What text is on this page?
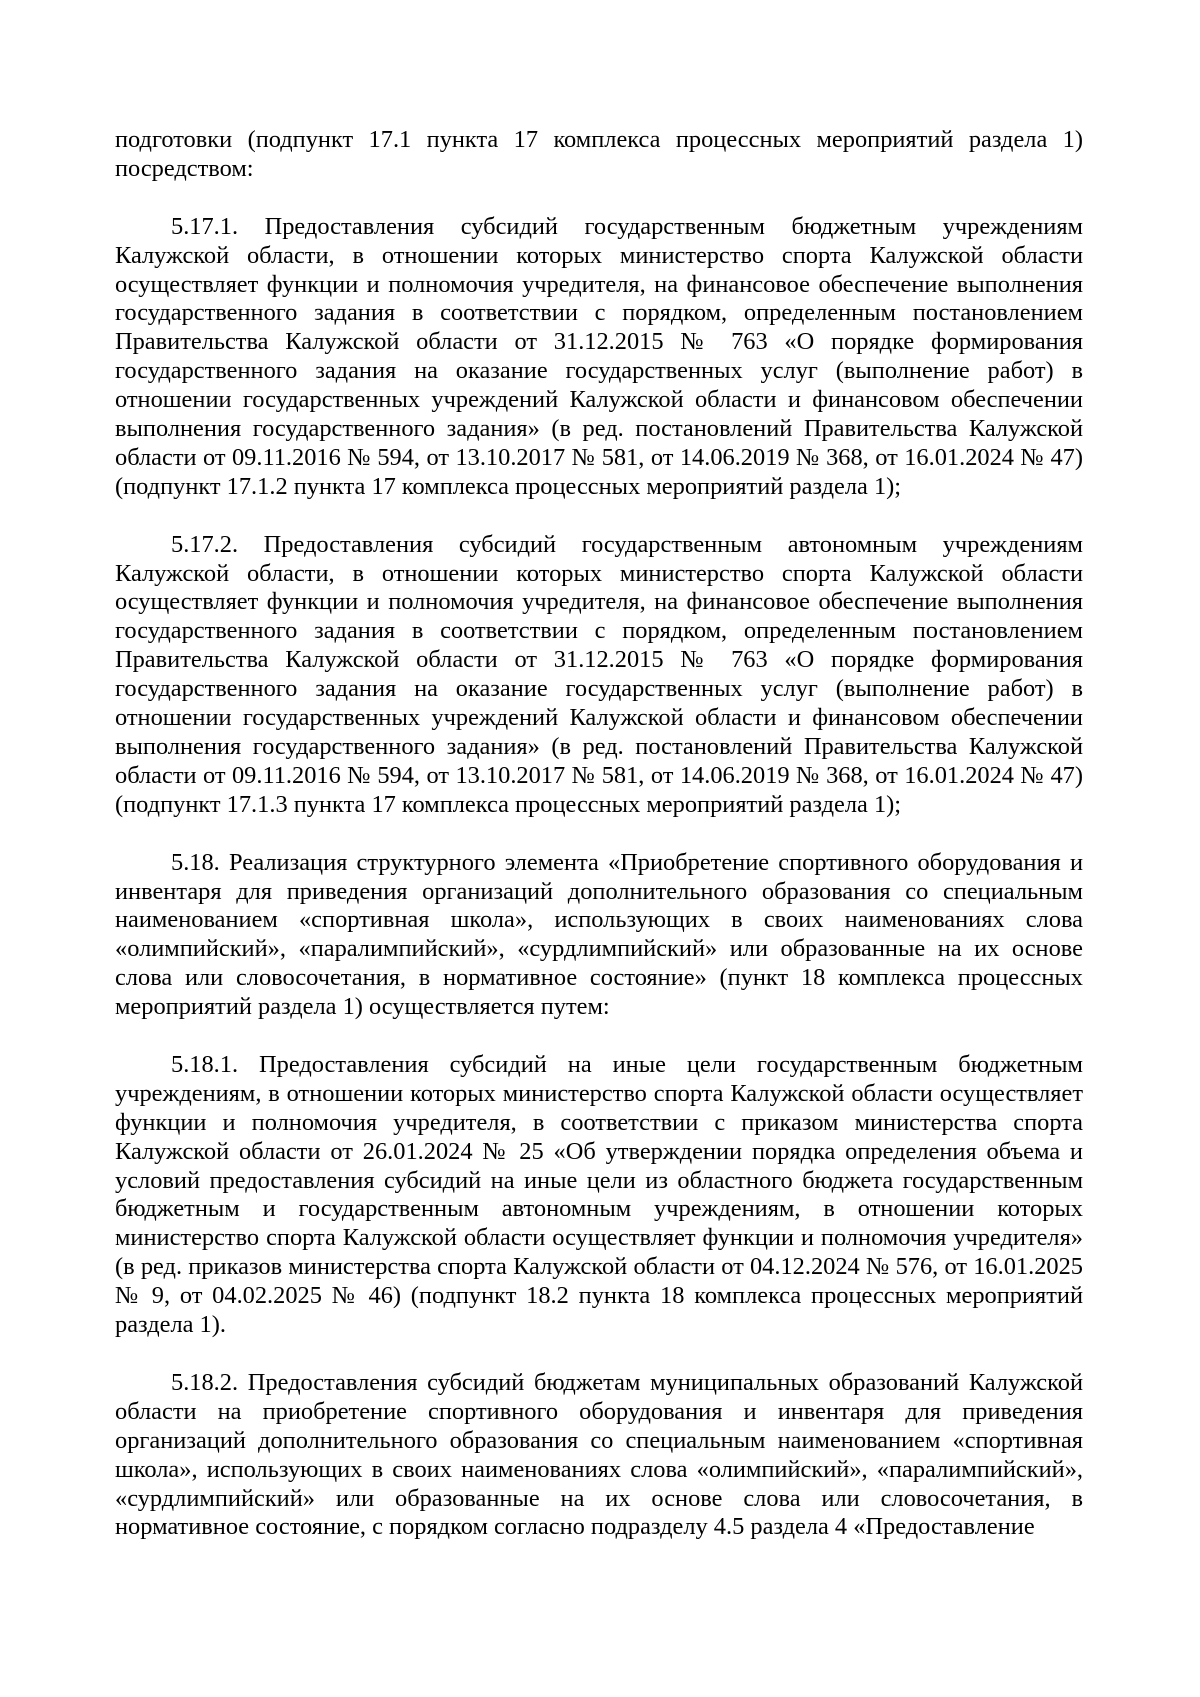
подготовки (подпункт 17.1 пункта 17 комплекса процессных мероприятий раздела 1) посредством:

5.17.1. Предоставления субсидий государственным бюджетным учреждениям Калужской области, в отношении которых министерство спорта Калужской области осуществляет функции и полномочия учредителя, на финансовое обеспечение выполнения государственного задания в соответствии с порядком, определенным постановлением Правительства Калужской области от 31.12.2015 № 763 «О порядке формирования государственного задания на оказание государственных услуг (выполнение работ) в отношении государственных учреждений Калужской области и финансовом обеспечении выполнения государственного задания» (в ред. постановлений Правительства Калужской области от 09.11.2016 № 594, от 13.10.2017 № 581, от 14.06.2019 № 368, от 16.01.2024 № 47) (подпункт 17.1.2 пункта 17 комплекса процессных мероприятий раздела 1);

5.17.2. Предоставления субсидий государственным автономным учреждениям Калужской области, в отношении которых министерство спорта Калужской области осуществляет функции и полномочия учредителя, на финансовое обеспечение выполнения государственного задания в соответствии с порядком, определенным постановлением Правительства Калужской области от 31.12.2015 № 763 «О порядке формирования государственного задания на оказание государственных услуг (выполнение работ) в отношении государственных учреждений Калужской области и финансовом обеспечении выполнения государственного задания» (в ред. постановлений Правительства Калужской области от 09.11.2016 № 594, от 13.10.2017 № 581, от 14.06.2019 № 368, от 16.01.2024 № 47) (подпункт 17.1.3 пункта 17 комплекса процессных мероприятий раздела 1);

5.18. Реализация структурного элемента «Приобретение спортивного оборудования и инвентаря для приведения организаций дополнительного образования со специальным наименованием «спортивная школа», использующих в своих наименованиях слова «олимпийский», «паралимпийский», «сурдлимпийский» или образованные на их основе слова или словосочетания, в нормативное состояние» (пункт 18 комплекса процессных мероприятий раздела 1) осуществляется путем:

5.18.1. Предоставления субсидий на иные цели государственным бюджетным учреждениям, в отношении которых министерство спорта Калужской области осуществляет функции и полномочия учредителя, в соответствии с приказом министерства спорта Калужской области от 26.01.2024 № 25 «Об утверждении порядка определения объема и условий предоставления субсидий на иные цели из областного бюджета государственным бюджетным и государственным автономным учреждениям, в отношении которых министерство спорта Калужской области осуществляет функции и полномочия учредителя» (в ред. приказов министерства спорта Калужской области от 04.12.2024 № 576, от 16.01.2025 № 9, от 04.02.2025 № 46) (подпункт 18.2 пункта 18 комплекса процессных мероприятий раздела 1).

5.18.2. Предоставления субсидий бюджетам муниципальных образований Калужской области на приобретение спортивного оборудования и инвентаря для приведения организаций дополнительного образования со специальным наименованием «спортивная школа», использующих в своих наименованиях слова «олимпийский», «паралимпийский», «сурдлимпийский» или образованные на их основе слова или словосочетания, в нормативное состояние, с порядком согласно подразделу 4.5 раздела 4 «Предоставление
